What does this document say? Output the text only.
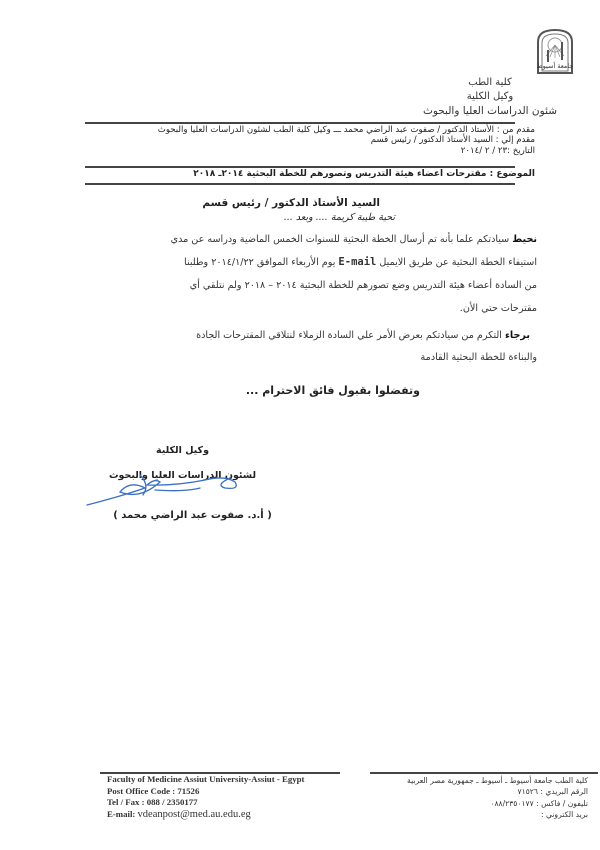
جامعة أسيوط
كلية الطب
وكيل الكلية
شئون الدراسات العليا والبحوث
مقدم من : الأستاذ الدكتور / صفوت عبد الراضي محمد ـــ وكيل كلية الطب لشئون الدراسات العليا والبحوث
مقدم إلي : السيد الأستاذ الدكتور / رئيس قسم
التاريخ :٢٣ / ٢ /٢٠١٤
الموضوع : مقترحات اعضاء هيئة التدريس وتصورهم للخطة البحثية ٢٠١٤ـ ٢٠١٨
السيد الأستاذ الدكتور / رئيس قسم
تحية طيبة كريمة .... وبعد ...
نحيط سيادتكم علما بأنه تم أرسال الخطة البحثية للسنوات الخمس الماضية ودراسه عن مدي
استيفاء الخطة البحثية عن طريق الايميل E-mail يوم الأربعاء الموافق ٢٠١٤/١/٢٢ وطلبنا
من السادة أعضاء هيئة التدريس وضع تصورهم للخطة البحثية ٢٠١٤ – ٢٠١٨ ولم نتلقي أي
مقترحات حتي الأن.
برجاء التكرم من سيادتكم بعرض الأمر علي السادة الزملاء لنتلاقي المقترحات الجادة
والبناءة للخطة البحثية القادمة
وتفضلوا بقبول فائق الاحترام ...
وكيل الكلية
لشئون الدراسات العليا والبحوث
( أ.د. صفوت عبد الراضي محمد )
Faculty of Medicine Assiut University-Assiut - Egypt
Post Office Code : 71526
Tel / Fax : 088 / 2350177
E-mail: vdeanpost@med.au.edu.eg
كلية الطب جامعة أسيوط ـ أسيوط ـ جمهورية مصر العربية
الرقم البريدي : ٧١٥٢٦
تليفون / فاكس : ٠٨٨/٢٣٥٠١٧٧
بريد الكتروني :
